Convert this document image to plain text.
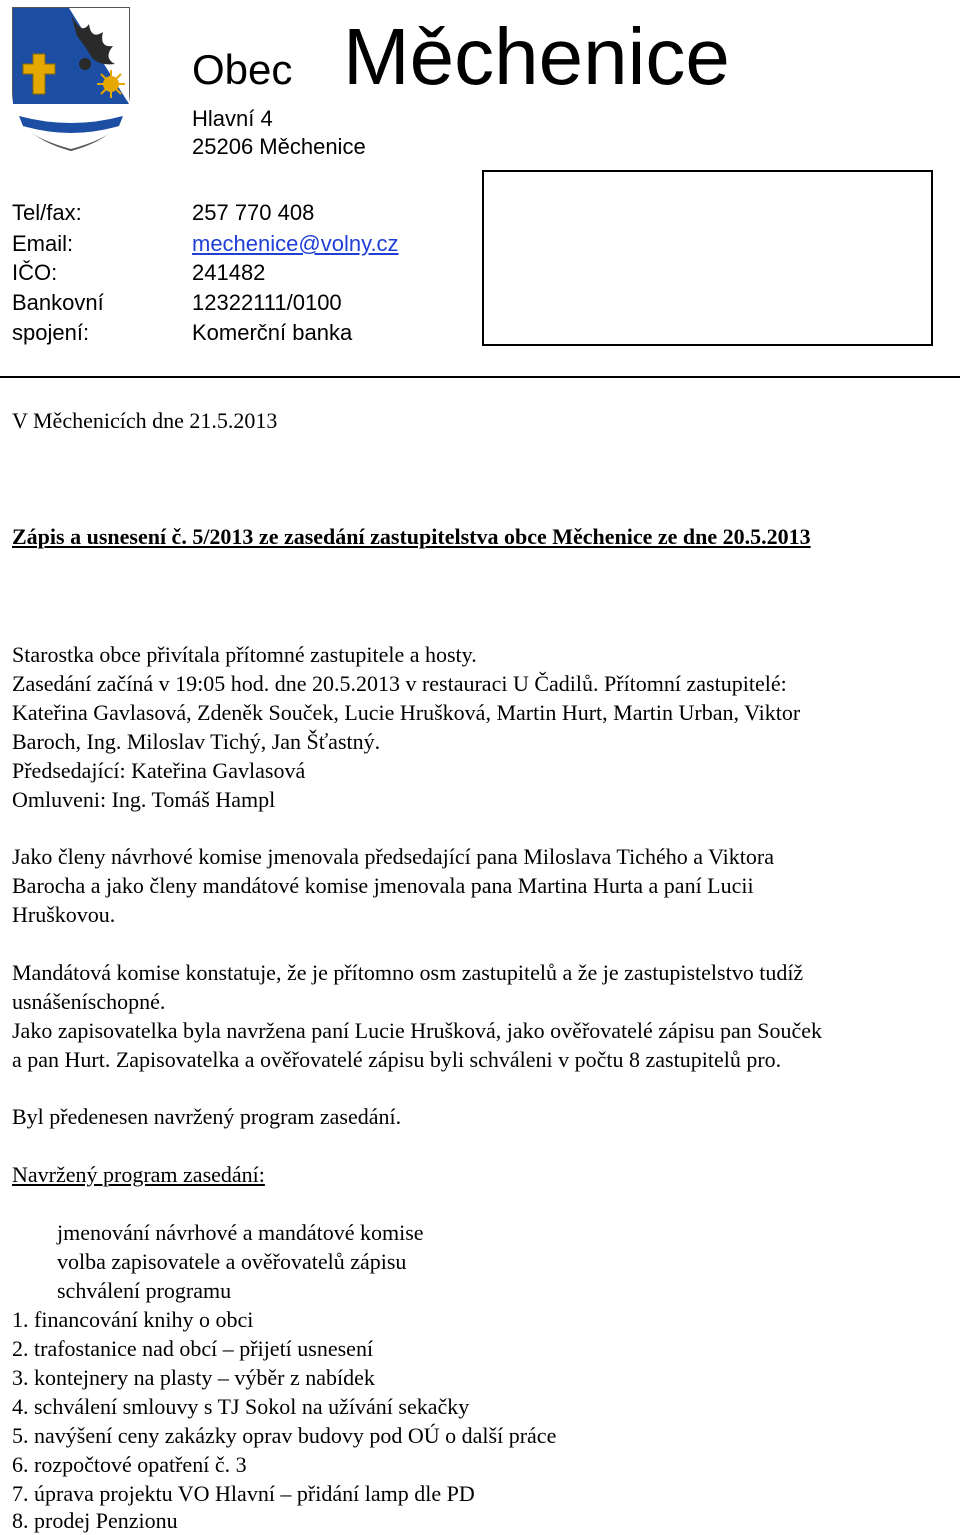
Obec Měchenice
Hlavní 4
25206 Měchenice
Tel/fax:	257 770 408
Email:	mechenice@volny.cz
IČO:	241482
Bankovní	12322111/0100
spojení:	Komerční banka
V Měchenicích dne 21.5.2013
Zápis a usnesení č. 5/2013 ze zasedání zastupitelstva obce Měchenice ze dne 20.5.2013
Starostka obce přivítala přítomné zastupitele a hosty.
Zasedání začíná v 19:05 hod. dne 20.5.2013 v restauraci U Čadilů. Přítomní zastupitelé:
Kateřina Gavlasová, Zdeněk Souček, Lucie Hrušková, Martin Hurt, Martin Urban, Viktor
Baroch, Ing. Miloslav Tichý, Jan Šťastný.
Předsedající: Kateřina Gavlasová
Omluveni: Ing. Tomáš Hampl
Jako členy návrhové komise jmenovala předsedající pana Miloslava Tichého a Viktora
Barocha a jako členy mandátové komise jmenovala pana Martina Hurta a paní Lucii
Hruškovou.
Mandátová komise konstatuje, že je přítomno osm zastupitelů a že je zastupistelstvo tudíž
usnášeníschopné.
Jako zapisovatelka byla navržena paní Lucie Hrušková, jako ověřovatelé zápisu pan Souček
a pan Hurt. Zapisovatelka a ověřovatelé zápisu byli schváleni v počtu 8 zastupitelů pro.
Byl předenesen navržený program zasedání.
Navržený program zasedání:
jmenování návrhové a mandátové komise
volba zapisovatele a ověřovatelů zápisu
schválení programu
1. financování knihy o obci
2. trafostanice nad obcí – přijetí usnesení
3. kontejnery na plasty – výběr z nabídek
4. schválení smlouvy s TJ Sokol na užívání sekačky
5. navýšení ceny zakázky oprav budovy pod OÚ o další práce
6. rozpočtové opatření č. 3
7. úprava projektu VO Hlavní – přidání lamp dle PD
8. prodej Penzionu
